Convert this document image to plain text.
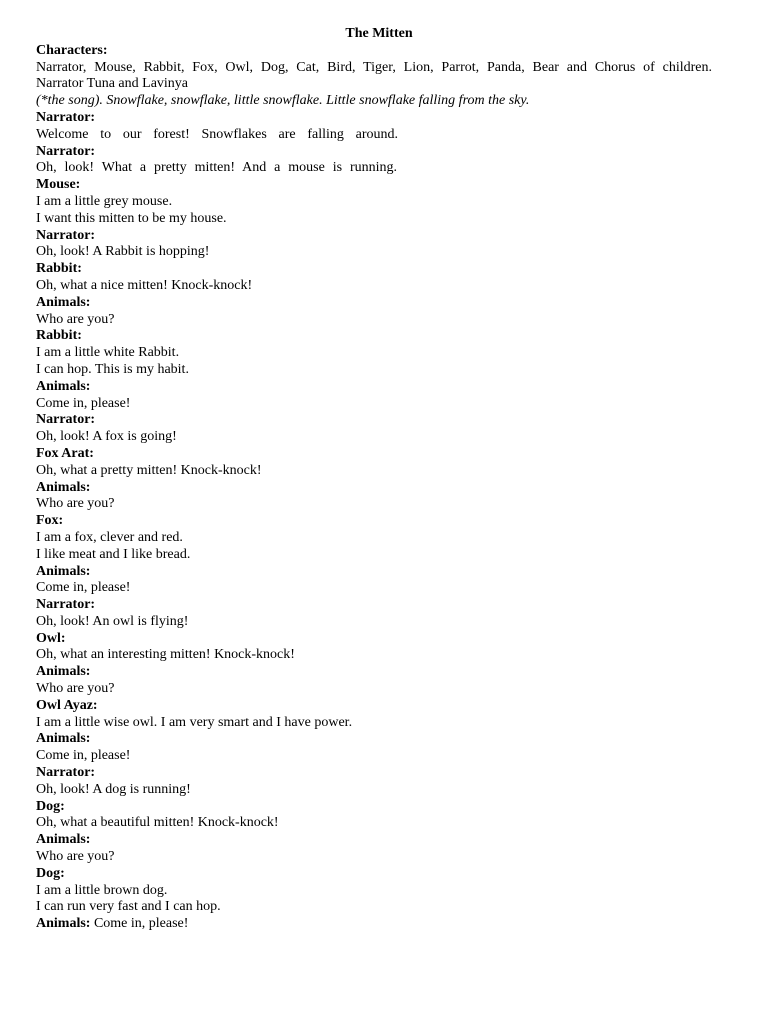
The Mitten
Characters:
Narrator, Mouse, Rabbit, Fox, Owl, Dog, Cat, Bird, Tiger, Lion, Parrot, Panda, Bear and Chorus of children.
Narrator Tuna and Lavinya
(*the song). Snowflake, snowflake, little snowflake. Little snowflake falling from the sky.
Narrator:
Welcome to our forest! Snowflakes are falling around.
Narrator:
Oh, look! What a pretty mitten! And a mouse is running.
Mouse:
I am a little grey mouse.
I want this mitten to be my house.
Narrator:
Oh, look! A Rabbit is hopping!
Rabbit:
Oh, what a nice mitten! Knock-knock!
Animals:
Who are you?
Rabbit:
I am a little white Rabbit.
I can hop. This is my habit.
Animals:
Come in, please!
Narrator:
Oh, look! A fox is going!
Fox Arat:
Oh, what a pretty mitten! Knock-knock!
Animals:
Who are you?
Fox:
I am a fox, clever and red.
I like meat and I like bread.
Animals:
Come in, please!
Narrator:
Oh, look! An owl is flying!
Owl:
Oh, what an interesting mitten! Knock-knock!
Animals:
Who are you?
Owl Ayaz:
I am a little wise owl. I am very smart and I have power.
Animals:
Come in, please!
Narrator:
Oh, look! A dog is running!
Dog:
Oh, what a beautiful mitten! Knock-knock!
Animals:
Who are you?
Dog:
I am a little brown dog.
I can run very fast and I can hop.
Animals: Come in, please!
